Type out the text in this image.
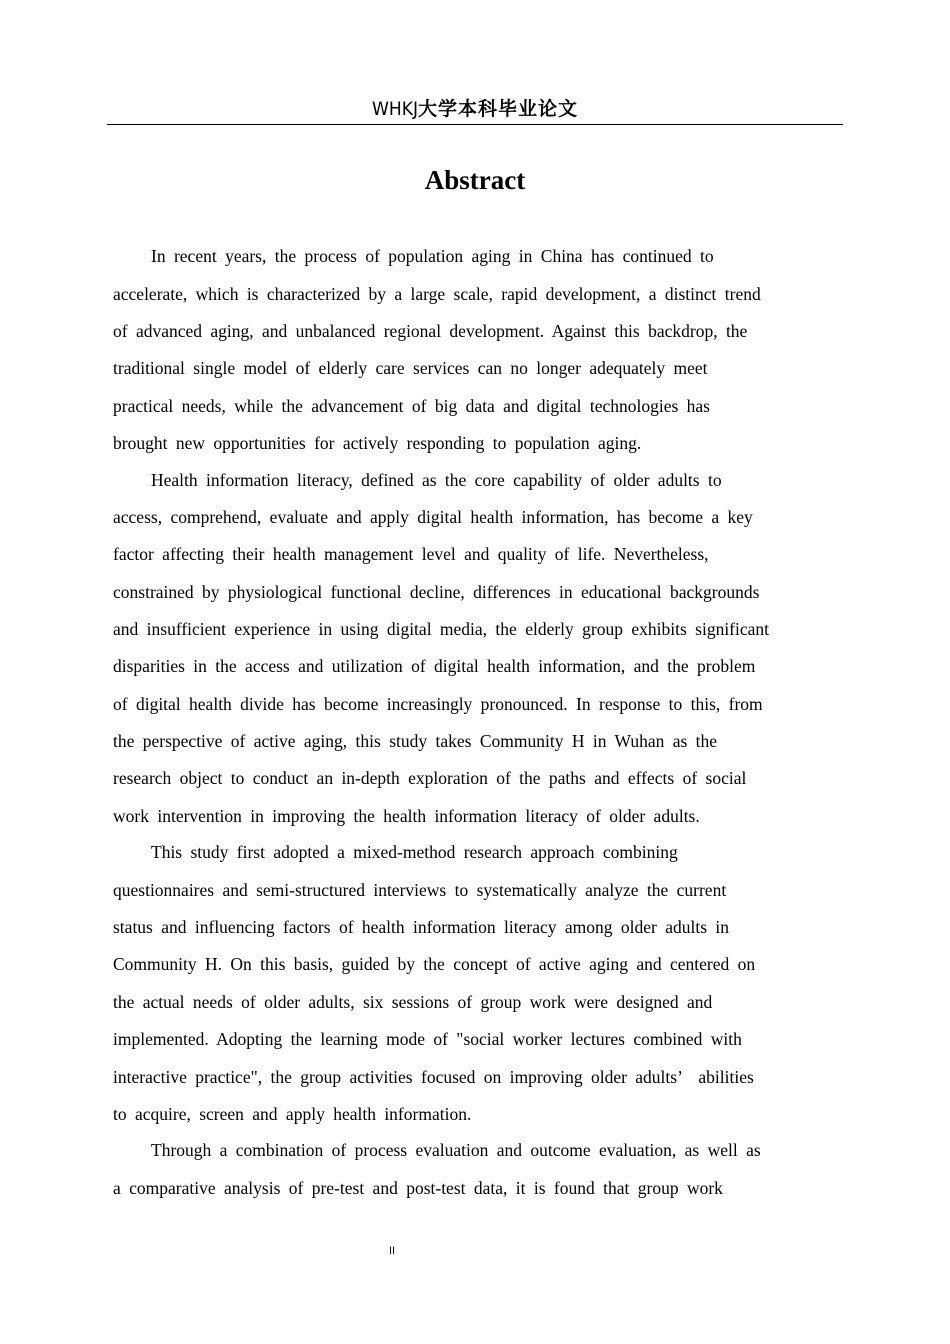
WHKJ大学本科毕业论文
Abstract
In recent years, the process of population aging in China has continued to
accelerate, which is characterized by a large scale, rapid development, a distinct trend
of advanced aging, and unbalanced regional development. Against this backdrop, the
traditional single model of elderly care services can no longer adequately meet
practical needs, while the advancement of big data and digital technologies has
brought new opportunities for actively responding to population aging.
Health information literacy, defined as the core capability of older adults to
access, comprehend, evaluate and apply digital health information, has become a key
factor affecting their health management level and quality of life. Nevertheless,
constrained by physiological functional decline, differences in educational backgrounds
and insufficient experience in using digital media, the elderly group exhibits significant
disparities in the access and utilization of digital health information, and the problem
of digital health divide has become increasingly pronounced. In response to this, from
the perspective of active aging, this study takes Community H in Wuhan as the
research object to conduct an in-depth exploration of the paths and effects of social
work intervention in improving the health information literacy of older adults.
This study first adopted a mixed-method research approach combining
questionnaires and semi-structured interviews to systematically analyze the current
status and influencing factors of health information literacy among older adults in
Community H. On this basis, guided by the concept of active aging and centered on
the actual needs of older adults, six sessions of group work were designed and
implemented. Adopting the learning mode of "social worker lectures combined with
interactive practice", the group activities focused on improving older adults’  abilities
to acquire, screen and apply health information.
Through a combination of process evaluation and outcome evaluation, as well as
a comparative analysis of pre-test and post-test data, it is found that group work
II
